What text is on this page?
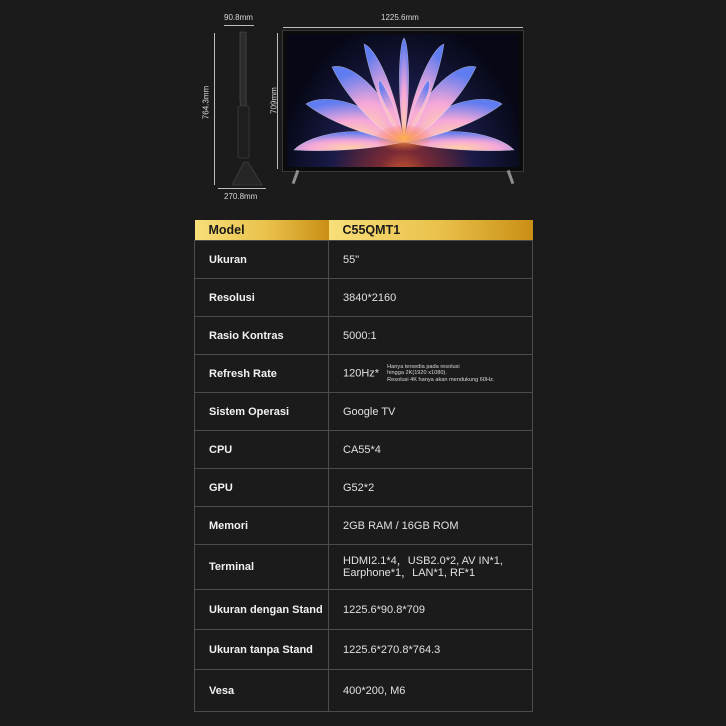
90.8mm
764.3mm
270.8mm
1225.6mm
709mm
Model	C55QMT1
Ukuran	55"
Resolusi	3840*2160
Rasio Kontras	5000:1
Refresh Rate	120Hz*
Hanya tersedia pada resolusi
hingga 2K(1920 x1080).
Resolusi 4K hanya akan mendukung 60Hz.

Sistem Operasi	Google TV
CPU	CA55*4
GPU	G52*2
Memori	2GB RAM / 16GB ROM
Terminal	HDMI2.1*4，USB2.0*2, AV IN*1,
Earphone*1，LAN*1, RF*1

Ukuran dengan Stand	1225.6*90.8*709
Ukuran tanpa Stand	1225.6*270.8*764.3
Vesa	400*200, M6
